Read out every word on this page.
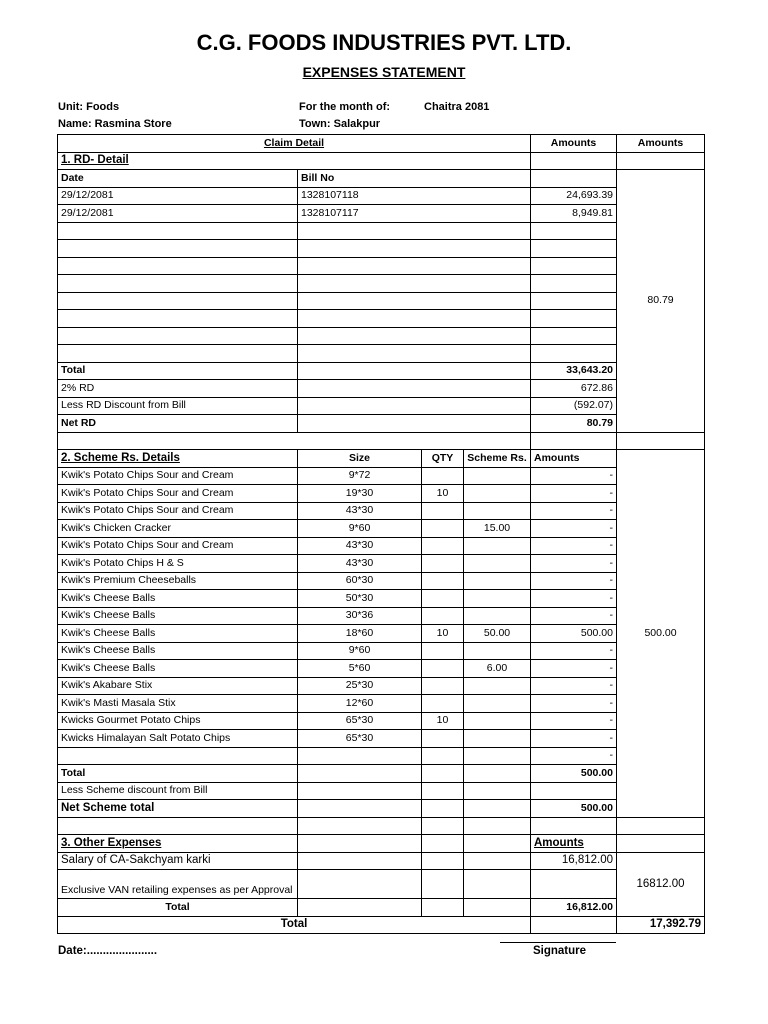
C.G. FOODS INDUSTRIES PVT. LTD.
EXPENSES STATEMENT
Unit: Foods
Name: Rasmina Store
For the month of:	Chaitra 2081
Town: Salakpur
Claim Detail				Amounts	Amounts
1. RD- Detail					
Date	Bill No				80.79
29/12/2081	1328107118			24,693.39	
29/12/2081	1328107117			8,949.81	

Total				33,643.20	
2% RD				672.86	
Less RD Discount from Bill				(592.07)	
Net RD				80.79	

2. Scheme Rs. Details	Size	QTY	Scheme Rs.	Amounts	500.00
Kwik's Potato Chips Sour and Cream	9*72			-	
Kwik's Potato Chips Sour and Cream	19*30	10		-	
Kwik's Potato Chips Sour and Cream	43*30			-	
Kwik's Chicken Cracker	9*60		15.00	-	
Kwik's Potato Chips Sour and Cream	43*30			-	
Kwik's Potato Chips H & S	43*30			-	
Kwik's Premium Cheeseballs	60*30			-	
Kwik's Cheese Balls	50*30			-	
Kwik's Cheese Balls	30*36			-	
Kwik's Cheese Balls	18*60	10	50.00	500.00	
Kwik's Cheese Balls	9*60			-	
Kwik's Cheese Balls	5*60		6.00	-	
Kwik's Akabare Stix	25*30			-	
Kwik's Masti Masala Stix	12*60			-	
Kwicks Gourmet Potato Chips	65*30	10		-	
Kwicks Himalayan Salt Potato Chips	65*30			-	
				-	
Total				500.00	
Less Scheme discount from Bill					
Net Scheme total				500.00	

3. Other Expenses				Amounts	
Salary of CA-Sakchyam karki				16,812.00	16812.00
Exclusive VAN retailing expenses as per Approval					
Total				16,812.00	
Total					17,392.79
Date:......................	Signature
